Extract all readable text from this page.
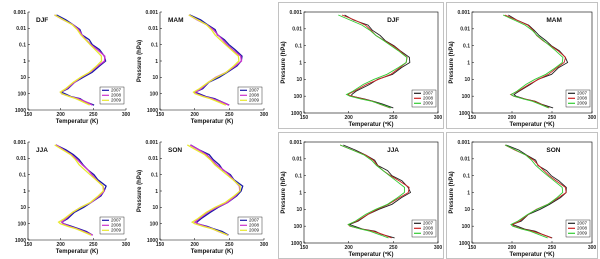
0.001
0.01
0.1
1
10
100
1000
150	200	250	300
Temperatur (K)
DJF
2007
2008
2009
0.001
0.01
0.1
1
10
100
1000
150	200	250	300
Temperatur (K)
Pressure (hPa)
MAM
2007
2008
2009
0.001
0.01
0.1
1
10
100
1000
150	200	250	300
Temperatur (K)
JJA
2007
2008
2009
0.001
0.01
0.1
1
10
100
1000
150	200	250	300
Temperatur (K)
Pressure (hPa)
SON
2007
2008
2009
0.001
0.01
0.1
1
10
100
1000
150	200	250	300
Temperatur ($^o$K)
Pressure (hPa)
DJF
2007
2008
2009
0.001
0.01
0.1
1
10
100
1000
150	200	250	300
Temperatur ($^o$K)
Pressure (hPa)
MAM
2007
2008
2009
0.001
0.01
0.1
1
10
100
1000
150	200	250	300
Temperatur ($^o$K)
Pressure (hPa)
JJA
2007
2008
2009
0.001
0.01
0.1
1
10
100
1000
150	200	250	300
Temperatur ($^o$K)
Pressure (hPa)
SON
2007
2008
2009
